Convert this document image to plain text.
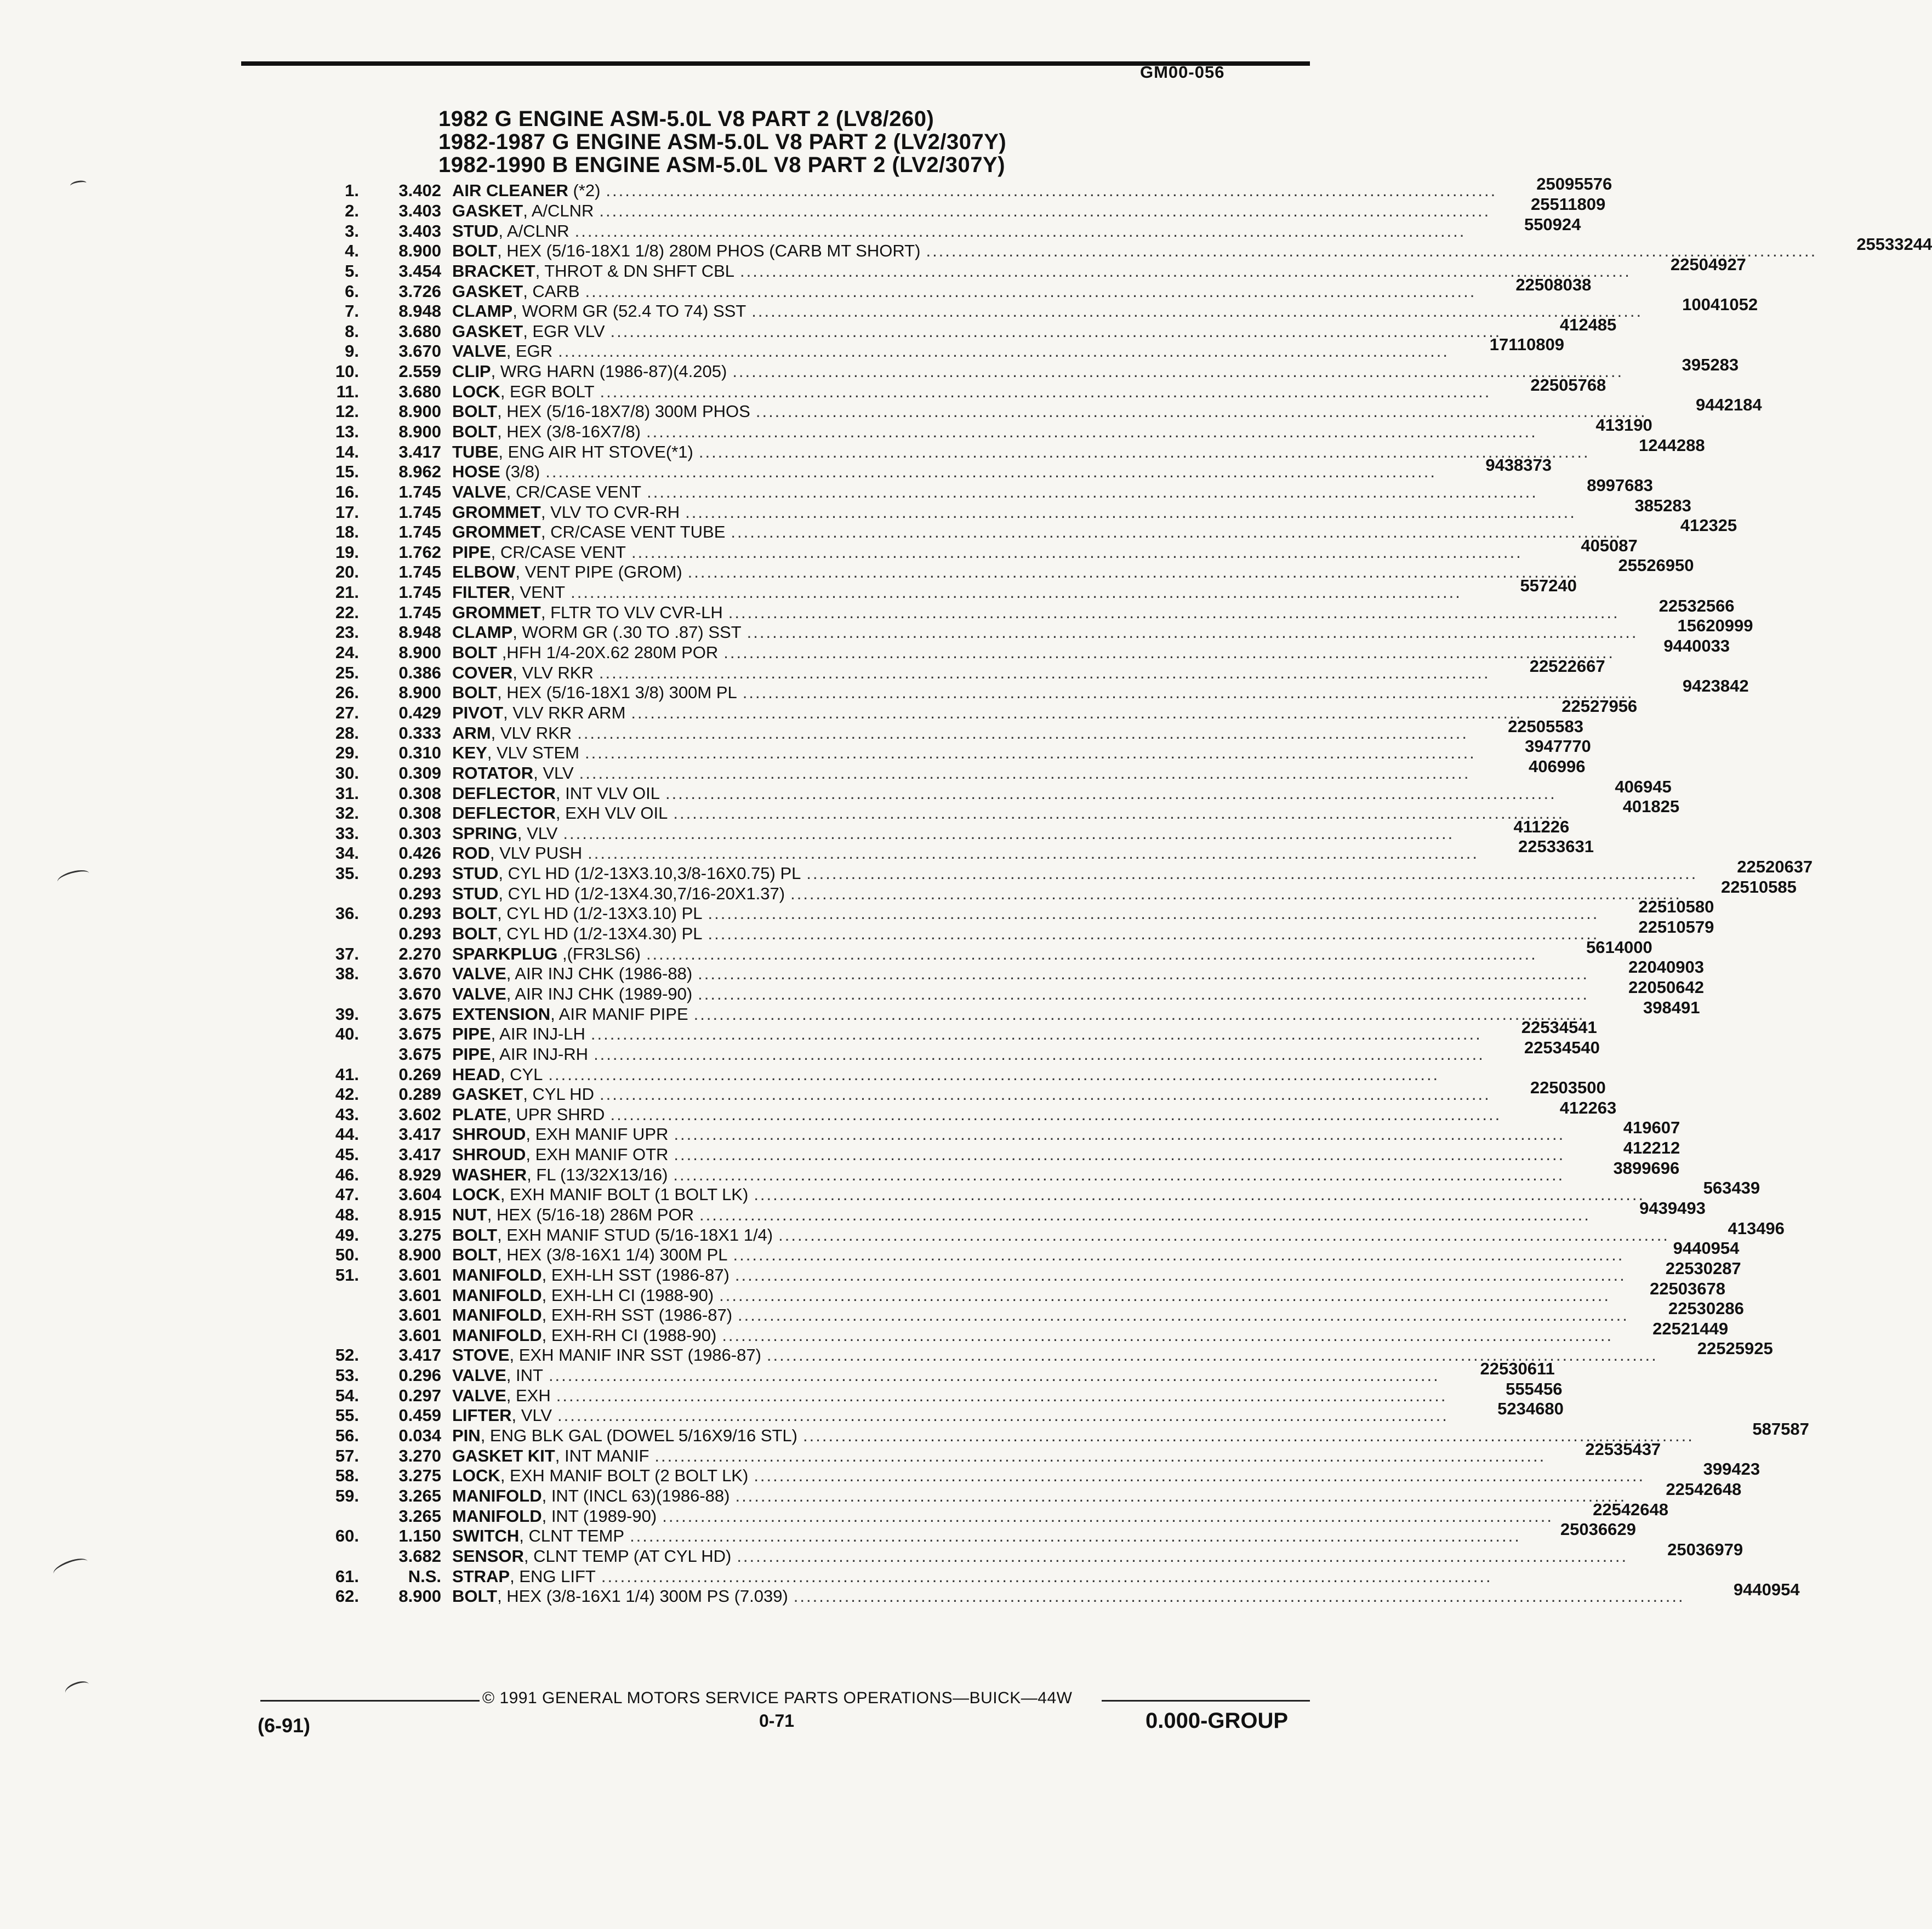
GM00-056
1982 G ENGINE ASM-5.0L V8 PART 2 (LV8/260)
1982-1987 G ENGINE ASM-5.0L V8 PART 2 (LV2/307Y)
1982-1990 B ENGINE ASM-5.0L V8 PART 2 (LV2/307Y)
1.	3.402 AIR CLEANER (*2) ............................................................................................................................................	25095576
2.	3.403 GASKET, A/CLNR ............................................................................................................................................	25511809
3.	3.403 STUD, A/CLNR ............................................................................................................................................	550924
4.	8.900 BOLT, HEX (5/16-18X1 1/8) 280M PHOS (CARB MT SHORT) ............................................................................................................................................	25533244
5.	3.454 BRACKET, THROT & DN SHFT CBL ............................................................................................................................................	22504927
6.	3.726 GASKET, CARB ............................................................................................................................................	22508038
7.	8.948 CLAMP, WORM GR (52.4 TO 74) SST ............................................................................................................................................	10041052
8.	3.680 GASKET, EGR VLV ............................................................................................................................................	412485
9.	3.670 VALVE, EGR ............................................................................................................................................	17110809
10.	2.559 CLIP, WRG HARN (1986-87)(4.205) ............................................................................................................................................	395283
11.	3.680 LOCK, EGR BOLT ............................................................................................................................................	22505768
12.	8.900 BOLT, HEX (5/16-18X7/8) 300M PHOS ............................................................................................................................................	9442184
13.	8.900 BOLT, HEX (3/8-16X7/8) ............................................................................................................................................	413190
14.	3.417 TUBE, ENG AIR HT STOVE(*1) ............................................................................................................................................	1244288
15.	8.962 HOSE (3/8) ............................................................................................................................................	9438373
16.	1.745 VALVE, CR/CASE VENT ............................................................................................................................................	8997683
17.	1.745 GROMMET, VLV TO CVR-RH ............................................................................................................................................	385283
18.	1.745 GROMMET, CR/CASE VENT TUBE ............................................................................................................................................	412325
19.	1.762 PIPE, CR/CASE VENT ............................................................................................................................................	405087
20.	1.745 ELBOW, VENT PIPE (GROM) ............................................................................................................................................	25526950
21.	1.745 FILTER, VENT ............................................................................................................................................	557240
22.	1.745 GROMMET, FLTR TO VLV CVR-LH ............................................................................................................................................	22532566
23.	8.948 CLAMP, WORM GR (.30 TO .87) SST ............................................................................................................................................	15620999
24.	8.900 BOLT ,HFH 1/4-20X.62 280M POR ............................................................................................................................................	9440033
25.	0.386 COVER, VLV RKR ............................................................................................................................................	22522667
26.	8.900 BOLT, HEX (5/16-18X1 3/8) 300M PL ............................................................................................................................................	9423842
27.	0.429 PIVOT, VLV RKR ARM ............................................................................................................................................	22527956
28.	0.333 ARM, VLV RKR ............................................................................................................................................	22505583
29.	0.310 KEY, VLV STEM ............................................................................................................................................	3947770
30.	0.309 ROTATOR, VLV ............................................................................................................................................	406996
31.	0.308 DEFLECTOR, INT VLV OIL ............................................................................................................................................	406945
32.	0.308 DEFLECTOR, EXH VLV OIL ............................................................................................................................................	401825
33.	0.303 SPRING, VLV ............................................................................................................................................	411226
34.	0.426 ROD, VLV PUSH ............................................................................................................................................	22533631
35.	0.293 STUD, CYL HD (1/2-13X3.10,3/8-16X0.75) PL ............................................................................................................................................	22520637
0.293 STUD, CYL HD (1/2-13X4.30,7/16-20X1.37) ............................................................................................................................................	22510585
36.	0.293 BOLT, CYL HD (1/2-13X3.10) PL ............................................................................................................................................	22510580
0.293 BOLT, CYL HD (1/2-13X4.30) PL ............................................................................................................................................	22510579
37.	2.270 SPARKPLUG ,(FR3LS6) ............................................................................................................................................	5614000
38.	3.670 VALVE, AIR INJ CHK (1986-88) ............................................................................................................................................	22040903
3.670 VALVE, AIR INJ CHK (1989-90) ............................................................................................................................................	22050642
39.	3.675 EXTENSION, AIR MANIF PIPE ............................................................................................................................................	398491
40.	3.675 PIPE, AIR INJ-LH ............................................................................................................................................	22534541
3.675 PIPE, AIR INJ-RH ............................................................................................................................................	22534540
41.	0.269 HEAD, CYL ............................................................................................................................................
42.	0.289 GASKET, CYL HD ............................................................................................................................................	22503500
43.	3.602 PLATE, UPR SHRD ............................................................................................................................................	412263
44.	3.417 SHROUD, EXH MANIF UPR ............................................................................................................................................	419607
45.	3.417 SHROUD, EXH MANIF OTR ............................................................................................................................................	412212
46.	8.929 WASHER, FL (13/32X13/16) ............................................................................................................................................	3899696
47.	3.604 LOCK, EXH MANIF BOLT (1 BOLT LK) ............................................................................................................................................	563439
48.	8.915 NUT, HEX (5/16-18) 286M POR ............................................................................................................................................	9439493
49.	3.275 BOLT, EXH MANIF STUD (5/16-18X1 1/4) ............................................................................................................................................	413496
50.	8.900 BOLT, HEX (3/8-16X1 1/4) 300M PL ............................................................................................................................................	9440954
51.	3.601 MANIFOLD, EXH-LH SST (1986-87) ............................................................................................................................................	22530287
3.601 MANIFOLD, EXH-LH CI (1988-90) ............................................................................................................................................	22503678
3.601 MANIFOLD, EXH-RH SST (1986-87) ............................................................................................................................................	22530286
3.601 MANIFOLD, EXH-RH CI (1988-90) ............................................................................................................................................	22521449
52.	3.417 STOVE, EXH MANIF INR SST (1986-87) ............................................................................................................................................	22525925
53.	0.296 VALVE, INT ............................................................................................................................................	22530611
54.	0.297 VALVE, EXH ............................................................................................................................................	555456
55.	0.459 LIFTER, VLV ............................................................................................................................................	5234680
56.	0.034 PIN, ENG BLK GAL (DOWEL 5/16X9/16 STL) ............................................................................................................................................	587587
57.	3.270 GASKET KIT, INT MANIF ............................................................................................................................................	22535437
58.	3.275 LOCK, EXH MANIF BOLT (2 BOLT LK) ............................................................................................................................................	399423
59.	3.265 MANIFOLD, INT (INCL 63)(1986-88) ............................................................................................................................................	22542648
3.265 MANIFOLD, INT (1989-90) ............................................................................................................................................	22542648
60.	1.150 SWITCH, CLNT TEMP ............................................................................................................................................	25036629
3.682 SENSOR, CLNT TEMP (AT CYL HD) ............................................................................................................................................	25036979
61.	N.S. STRAP, ENG LIFT ............................................................................................................................................
62.	8.900 BOLT, HEX (3/8-16X1 1/4) 300M PS (7.039) ............................................................................................................................................	9440954
© 1991 GENERAL MOTORS SERVICE PARTS OPERATIONS—BUICK—44W
(6-91)	0-71	0.000-GROUP
